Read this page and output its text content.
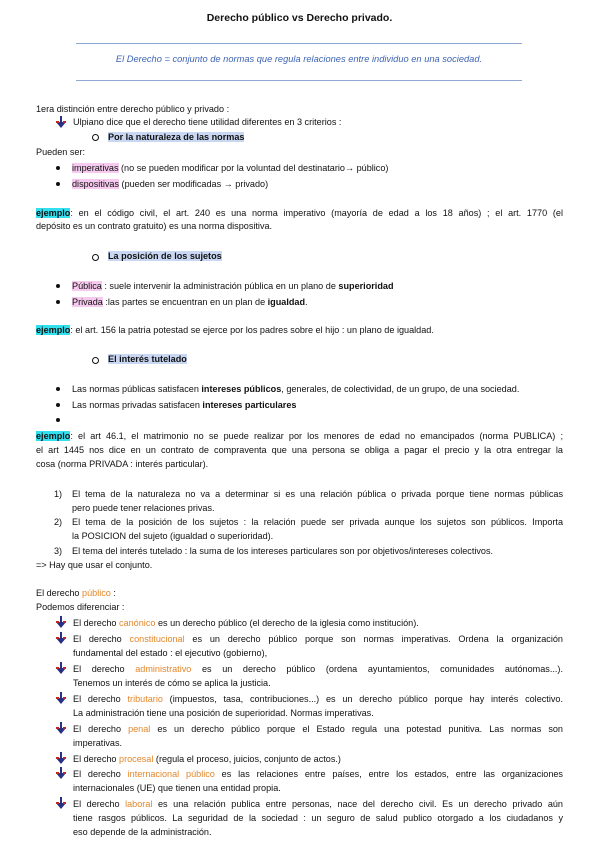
Derecho público vs Derecho privado.
El Derecho = conjunto de normas que regula relaciones entre individuo en una sociedad.
1era distinción entre derecho público y privado :
Ulpiano dice que el derecho tiene utilidad diferentes en 3 criterios :
Por la naturaleza de las normas
Pueden ser:
imperativas (no se pueden modificar por la voluntad del destinatario→ público)
dispositivas (pueden ser modificadas → privado)
ejemplo: en el código civil, el art. 240 es una norma imperativo (mayoría de edad a los 18 años) ; el art. 1770 (el
depósito es un contrato gratuito) es una norma dispositiva.
La posición de los sujetos
Pública : suele intervenir la administración pública en un plano de superioridad
Privada :las partes se encuentran en un plan de igualdad.
ejemplo: el art. 156 la patria potestad se ejerce por los padres sobre el hijo : un plano de igualdad.
El interés tutelado
Las normas públicas satisfacen intereses públicos, generales, de colectividad, de un grupo, de una sociedad.
Las normas privadas satisfacen intereses particulares
ejemplo: el art 46.1, el matrimonio no se puede realizar por los menores de edad no emancipados (norma PUBLICA) ;
el art 1445 nos dice en un contrato de compraventa que una persona se obliga a pagar el precio y la otra entregar la
cosa (norma PRIVADA : interés particular).
1) El tema de la naturaleza no va a determinar si es una relación pública o privada porque tiene normas públicas
pero puede tener relaciones privas.
2) El tema de la posición de los sujetos : la relación puede ser privada aunque los sujetos son públicos. Importa
la POSICION del sujeto (igualdad o superioridad).
3) El tema del interés tutelado : la suma de los intereses particulares son por objetivos/intereses colectivos.
=> Hay que usar el conjunto.
El derecho público :
Podemos diferenciar :
El derecho canónico es un derecho público (el derecho de la iglesia como institución).
El derecho constitucional es un derecho público porque son normas imperativas. Ordena la organización
fundamental del estado : el ejecutivo (gobierno),
El derecho administrativo es un derecho público (ordena ayuntamientos, comunidades autónomas...).
Tenemos un interés de cómo se aplica la justicia.
El derecho tributario (impuestos, tasa, contribuciones...) es un derecho público porque hay interés colectivo.
La administración tiene una posición de superioridad. Normas imperativas.
El derecho penal es un derecho público porque el Estado regula una potestad punitiva. Las normas son
imperativas.
El derecho procesal (regula el proceso, juicios, conjunto de actos.)
El derecho internacional público es las relaciones entre países, entre los estados, entre las organizaciones
internacionales (UE) que tienen una entidad propia.
El derecho laboral es una relación publica entre personas, nace del derecho civil. Es un derecho privado aún
tiene rasgos públicos. La seguridad de la sociedad : un seguro de salud publico otorgado a los ciudadanos y
eso depende de la administración.
